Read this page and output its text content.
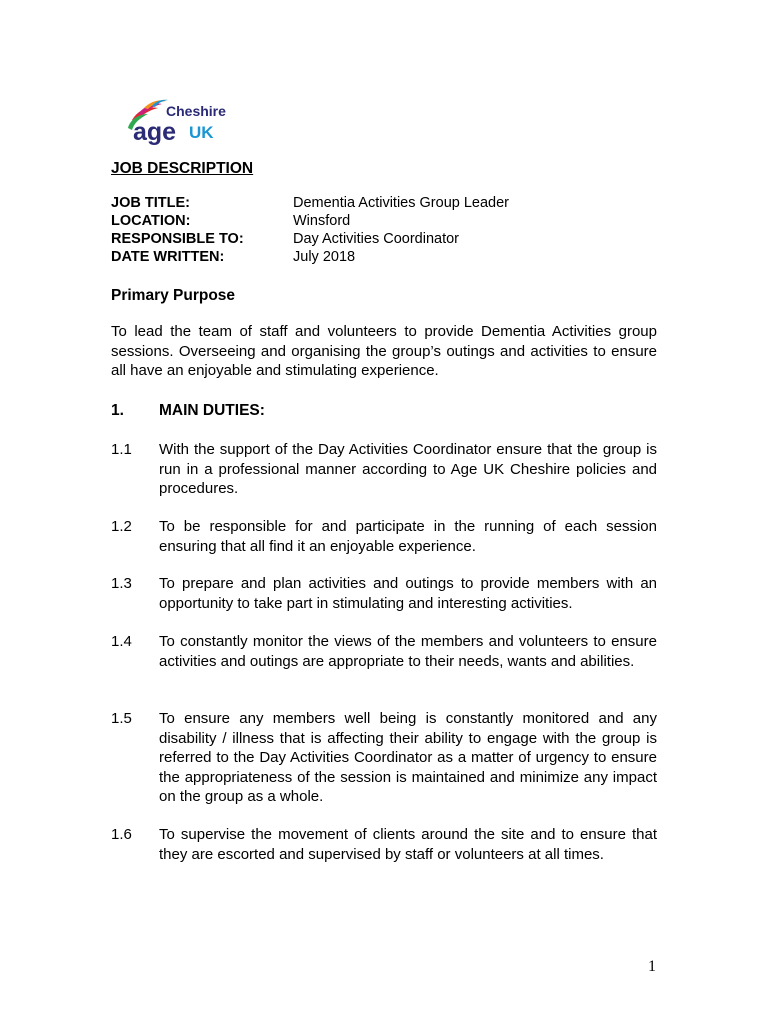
Cheshire
age UK
JOB DESCRIPTION
JOB TITLE:	Dementia Activities Group Leader
LOCATION:	Winsford
RESPONSIBLE TO:	Day Activities Coordinator
DATE WRITTEN:	July 2018
Primary Purpose
To lead the team of staff and volunteers to provide Dementia Activities group sessions. Overseeing and organising the group’s outings and activities to ensure all have an enjoyable and stimulating experience.
1. MAIN DUTIES:
1.1 With the support of the Day Activities Coordinator ensure that the group is run in a professional manner according to Age UK Cheshire policies and procedures.
1.2 To be responsible for and participate in the running of each session ensuring that all find it an enjoyable experience.
1.3 To prepare and plan activities and outings to provide members with an opportunity to take part in stimulating and interesting activities.
1.4 To constantly monitor the views of the members and volunteers to ensure activities and outings are appropriate to their needs, wants and abilities.
1.5 To ensure any members well being is constantly monitored and any disability / illness that is affecting their ability to engage with the group is referred to the Day Activities Coordinator as a matter of urgency to ensure the appropriateness of the session is maintained and minimize any impact on the group as a whole.
1.6 To supervise the movement of clients around the site and to ensure that they are escorted and supervised by staff or volunteers at all times.
1
